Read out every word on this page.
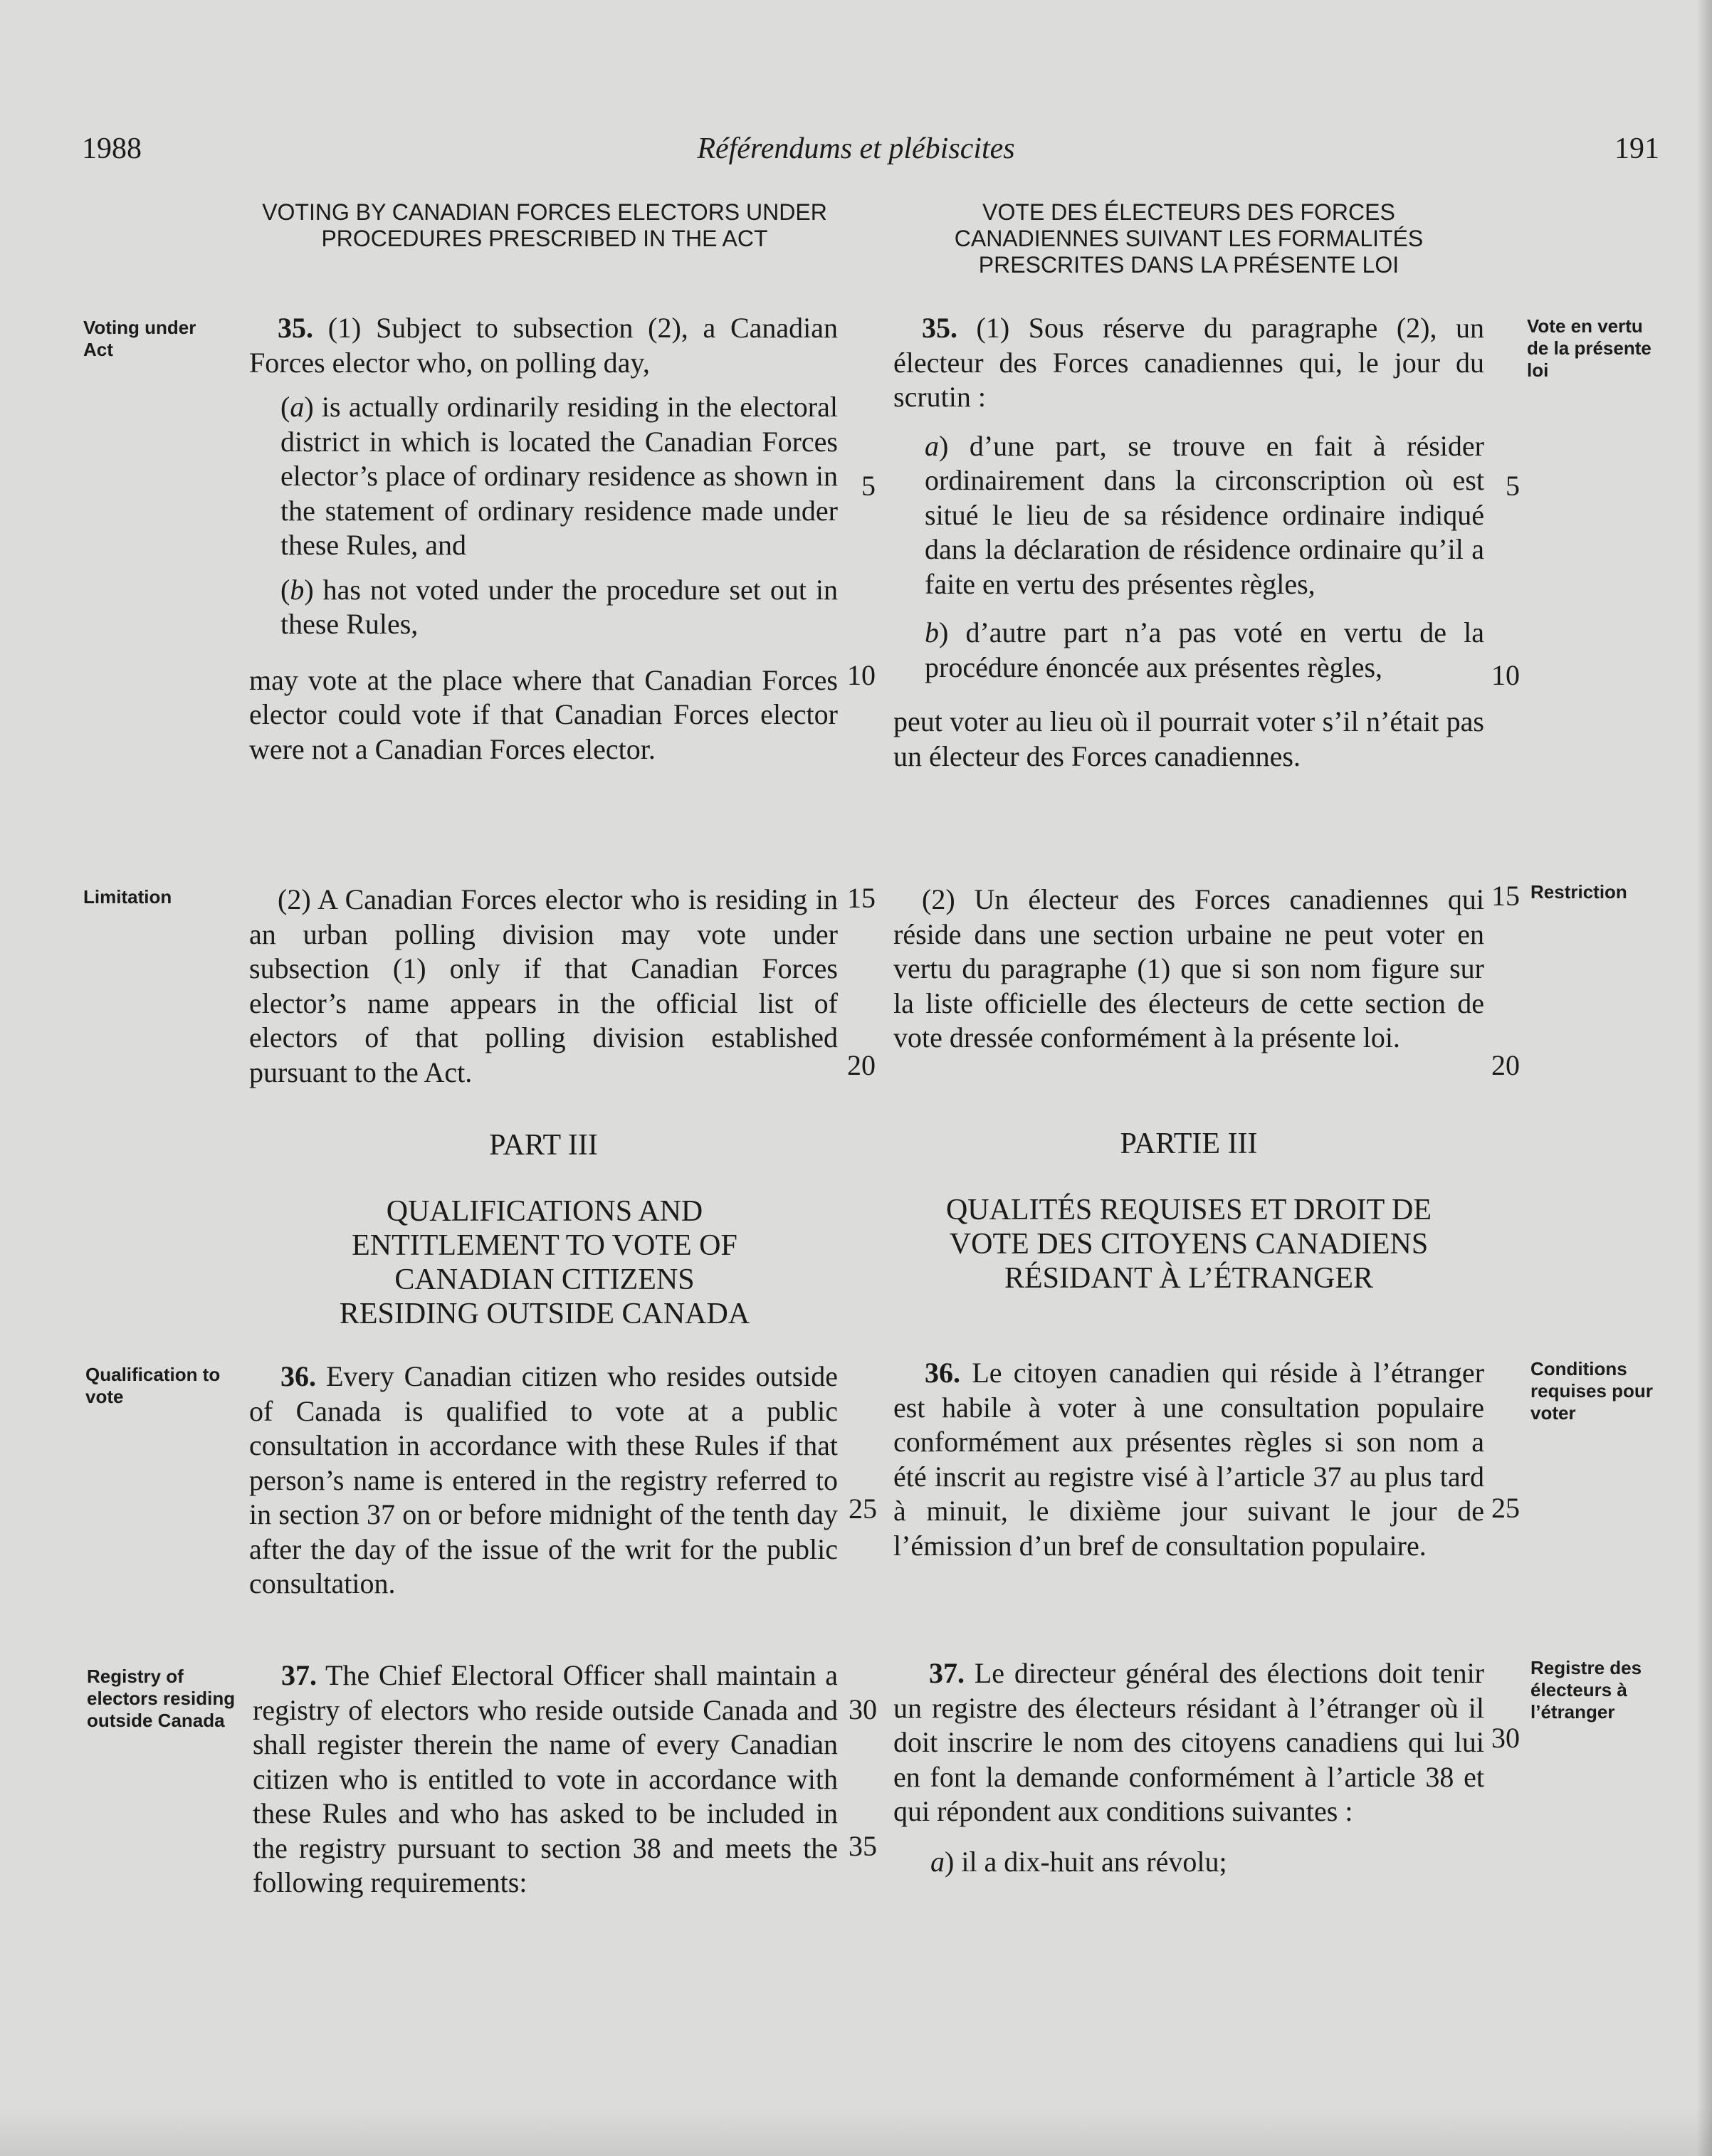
1988	Référendums et plébiscites	191
VOTING BY CANADIAN FORCES ELECTORS UNDER PROCEDURES PRESCRIBED IN THE ACT
VOTE DES ÉLECTEURS DES FORCES CANADIENNES SUIVANT LES FORMALITÉS PRESCRITES DANS LA PRÉSENTE LOI
Voting under Act
Limitation
Qualification to vote
Registry of electors residing outside Canada
Vote en vertu de la présente loi
Restriction
Conditions requises pour voter
Registre des électeurs à l’étranger

35. (1) Subject to subsection (2), a Canadian Forces elector who, on polling day,

(a) is actually ordinarily residing in the electoral district in which is located the Canadian Forces elector’s place of ordinary residence as shown in the statement of ordinary residence made under these Rules, and

(b) has not voted under the procedure set out in these Rules,

may vote at the place where that Canadian Forces elector could vote if that Canadian Forces elector were not a Canadian Forces elector.

(2) A Canadian Forces elector who is residing in an urban polling division may vote under subsection (1) only if that Canadian Forces elector’s name appears in the official list of electors of that polling division established pursuant to the Act.

35. (1) Sous réserve du paragraphe (2), un électeur des Forces canadiennes qui, le jour du scrutin :

a) d’une part, se trouve en fait à résider ordinairement dans la circonscription où est situé le lieu de sa résidence ordinaire indiqué dans la déclaration de résidence ordinaire qu’il a faite en vertu des présentes règles,

b) d’autre part n’a pas voté en vertu de la procédure énoncée aux présentes règles,

peut voter au lieu où il pourrait voter s’il n’était pas un électeur des Forces canadiennes.

(2) Un électeur des Forces canadiennes qui réside dans une section urbaine ne peut voter en vertu du paragraphe (1) que si son nom figure sur la liste officielle des électeurs de cette section de vote dressée conformément à la présente loi.

PART III
QUALIFICATIONS AND ENTITLEMENT TO VOTE OF CANADIAN CITIZENS RESIDING OUTSIDE CANADA
PARTIE III
QUALITÉS REQUISES ET DROIT DE VOTE DES CITOYENS CANADIENS RÉSIDANT À L’ÉTRANGER

36. Every Canadian citizen who resides outside of Canada is qualified to vote at a public consultation in accordance with these Rules if that person’s name is entered in the registry referred to in section 37 on or before midnight of the tenth day after the day of the issue of the writ for the public consultation.

36. Le citoyen canadien qui réside à l’étranger est habile à voter à une consultation populaire conformément aux présentes règles si son nom a été inscrit au registre visé à l’article 37 au plus tard à minuit, le dixième jour suivant le jour de l’émission d’un bref de consultation populaire.

37. The Chief Electoral Officer shall maintain a registry of electors who reside outside Canada and shall register therein the name of every Canadian citizen who is entitled to vote in accordance with these Rules and who has asked to be included in the registry pursuant to section 38 and meets the following requirements:

37. Le directeur général des élections doit tenir un registre des électeurs résidant à l’étranger où il doit inscrire le nom des citoyens canadiens qui lui en font la demande conformément à l’article 38 et qui répondent aux conditions suivantes :

a) il a dix-huit ans révolu;

5
10
15
20
25
30
35
5
10
15
20
25
30
